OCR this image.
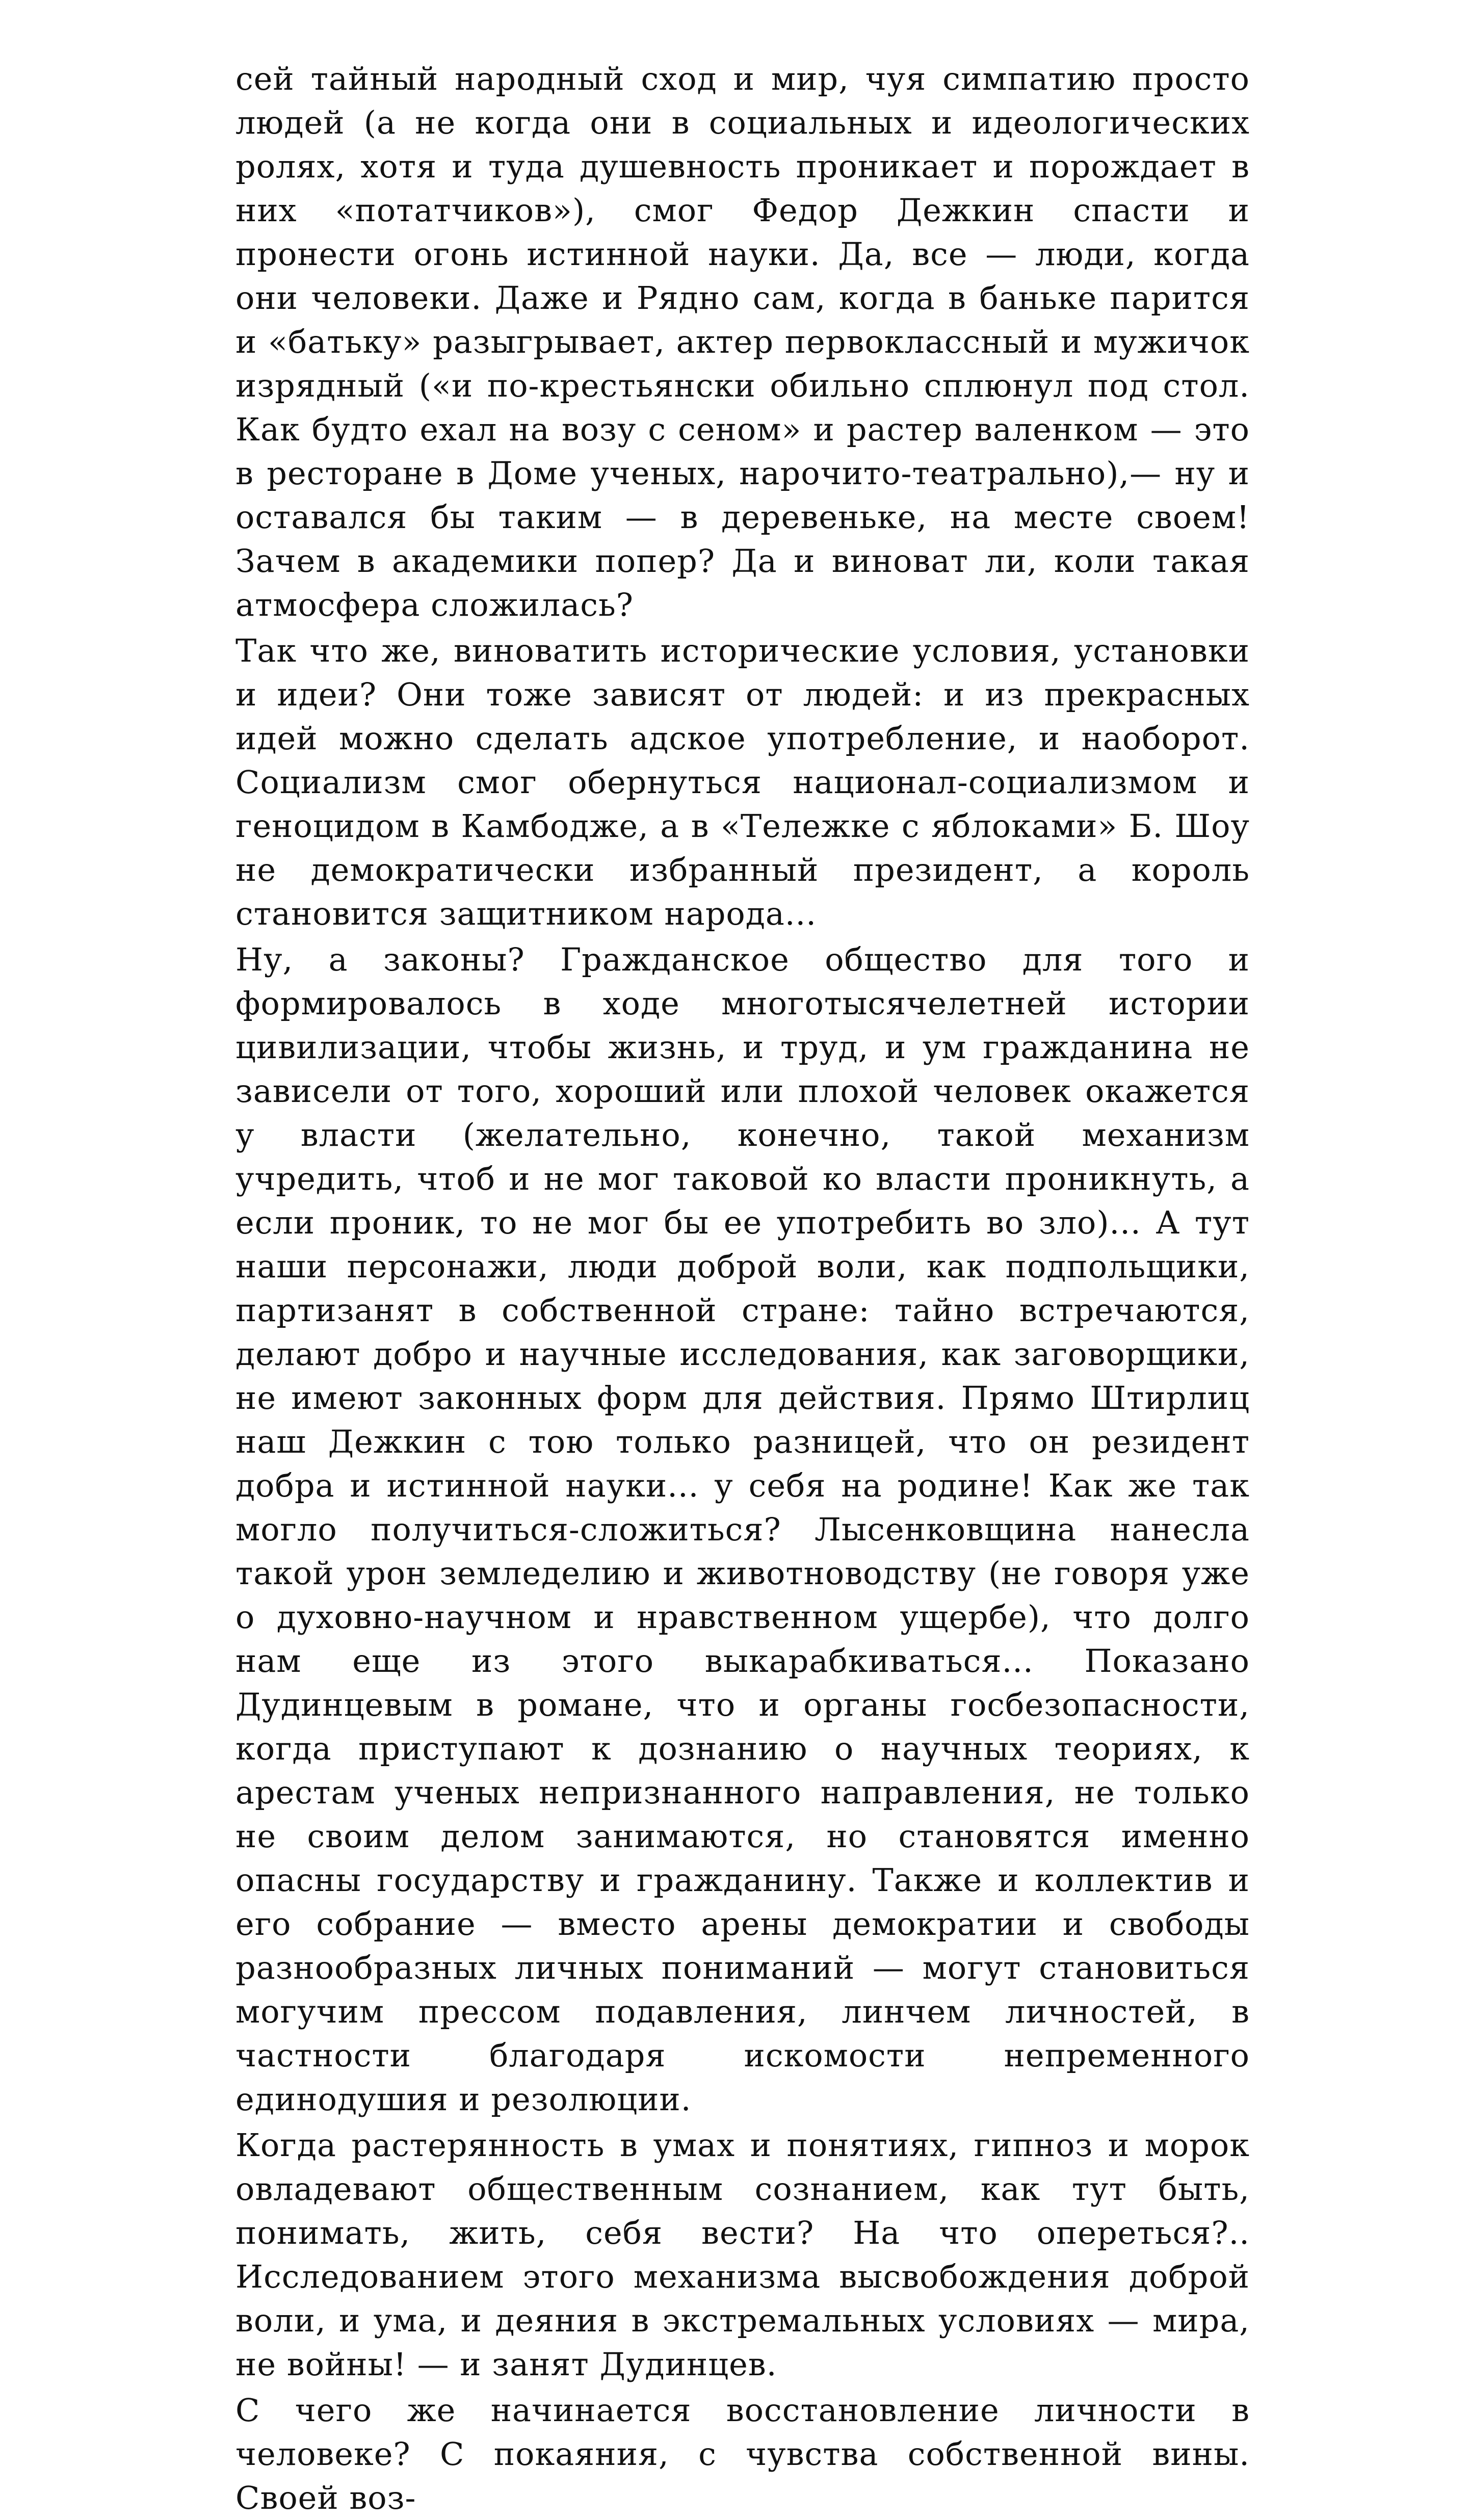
сей тайный народный сход и мир, чуя симпатию просто людей (а не когда они в социальных и идеологических ролях, хотя и туда душевность проникает и порождает в них «потатчиков»), смог Федор Дежкин спасти и пронести огонь истинной науки. Да, все — люди, когда они человеки. Даже и Рядно сам, когда в баньке парится и «батьку» разыгрывает, актер первоклассный и мужичок изрядный («и по-крестьянски обильно сплюнул под стол. Как будто ехал на возу с сеном» и растер валенком — это в ресторане в Доме ученых, нарочито-театрально),— ну и оставался бы таким — в деревеньке, на месте своем! Зачем в академики попер? Да и виноват ли, коли такая атмосфера сложилась?

Так что же, виноватить исторические условия, установки и идеи? Они тоже зависят от людей: и из прекрасных идей можно сделать адское употребление, и наоборот. Социализм смог обернуться национал-социализмом и геноцидом в Камбодже, а в «Тележке с яблоками» Б. Шоу не демократически избранный президент, а король становится защитником народа...

Ну, а законы? Гражданское общество для того и формировалось в ходе многотысячелетней истории цивилизации, чтобы жизнь, и труд, и ум гражданина не зависели от того, хороший или плохой человек окажется у власти (желательно, конечно, такой механизм учредить, чтоб и не мог таковой ко власти проникнуть, а если проник, то не мог бы ее употребить во зло)... А тут наши персонажи, люди доброй воли, как подпольщики, партизанят в собственной стране: тайно встречаются, делают добро и научные исследования, как заговорщики, не имеют законных форм для действия. Прямо Штирлиц наш Дежкин с тою только разницей, что он резидент добра и истинной науки... у себя на родине! Как же так могло получиться-сложиться? Лысенковщина нанесла такой урон земледелию и животноводству (не говоря уже о духовно-научном и нравственном ущербе), что долго нам еще из этого выкарабкиваться... Показано Дудинцевым в романе, что и органы госбезопасности, когда приступают к дознанию о научных теориях, к арестам ученых непризнанного направления, не только не своим делом занимаются, но становятся именно опасны государству и гражданину. Также и коллектив и его собрание — вместо арены демократии и свободы разнообразных личных пониманий — могут становиться могучим прессом подавления, линчем личностей, в частности благодаря искомости непременного единодушия и резолюции.

Когда растерянность в умах и понятиях, гипноз и морок овладевают общественным сознанием, как тут быть, понимать, жить, себя вести? На что опереться?.. Исследованием этого механизма высвобождения доброй воли, и ума, и деяния в экстремальных условиях — мира, не войны! — и занят Дудинцев.

С чего же начинается восстановление личности в человеке? С покаяния, с чувства собственной вины. Своей воз-
